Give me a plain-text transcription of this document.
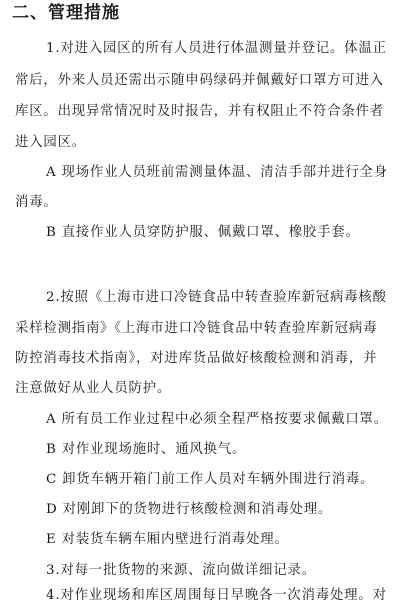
二、管理措施
1.对进入园区的所有人员进行体温测量并登记。体温正
常后，外来人员还需出示随申码绿码并佩戴好口罩方可进入
库区。出现异常情况时及时报告，并有权阻止不符合条件者
进入园区。
A 现场作业人员班前需测量体温、清洁手部并进行全身
消毒。
B 直接作业人员穿防护服、佩戴口罩、橡胶手套。
2.按照《上海市进口冷链食品中转查验库新冠病毒核酸
采样检测指南》《上海市进口冷链食品中转查验库新冠病毒
防控消毒技术指南》，对进库货品做好核酸检测和消毒，并
注意做好从业人员防护。
A 所有员工作业过程中必须全程严格按要求佩戴口罩。
B 对作业现场施时、通风换气。
C 卸货车辆开箱门前工作人员对车辆外围进行消毒。
D 对刚卸下的货物进行核酸检测和消毒处理。
E 对装货车辆车厢内壁进行消毒处理。
3.对每一批货物的来源、流向做详细记录。
4.对作业现场和库区周围每日早晚各一次消毒处理。对
